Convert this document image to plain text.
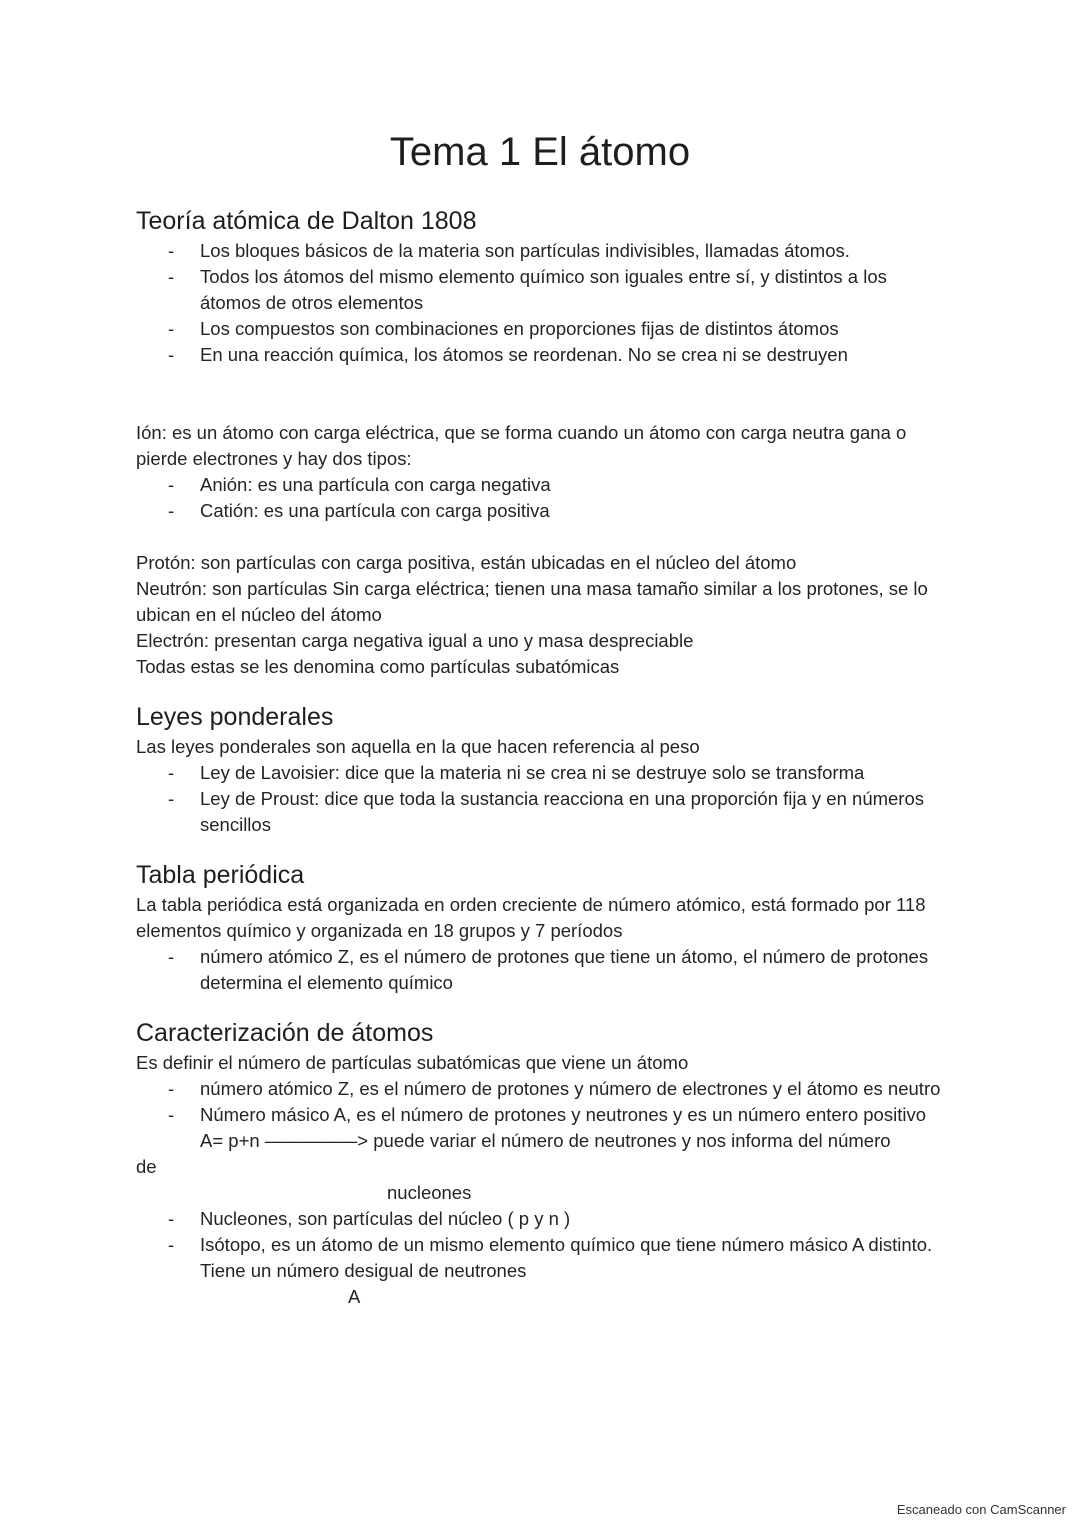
Tema 1 El átomo
Teoría atómica de Dalton 1808
- Los bloques básicos de la materia son partículas indivisibles, llamadas átomos.
- Todos los átomos del mismo elemento químico son iguales entre sí, y distintos a los átomos de otros elementos
- Los compuestos son combinaciones en proporciones fijas de distintos átomos
- En una reacción química, los átomos se reordenan. No se crea ni se destruyen

Ión: es un átomo con carga eléctrica, que se forma cuando un átomo con carga neutra gana o pierde electrones y hay dos tipos:

- Anión: es una partícula con carga negativa
- Catión: es una partícula con carga positiva

Protón: son partículas con carga positiva, están ubicadas en el núcleo del átomo

Neutrón: son partículas Sin carga eléctrica; tienen una masa tamaño similar a los protones, se lo ubican en el núcleo del átomo

Electrón: presentan carga negativa igual a uno y masa despreciable

Todas estas se les denomina como partículas subatómicas

Leyes ponderales

Las leyes ponderales son aquella en la que hacen referencia al peso

- Ley de Lavoisier: dice que la materia ni se crea ni se destruye solo se transforma
- Ley de Proust: dice que toda la sustancia reacciona en una proporción fija y en números sencillos
Tabla periódica

La tabla periódica está organizada en orden creciente de número atómico, está formado por 118 elementos químico y organizada en 18 grupos y 7 períodos

- número atómico Z, es el número de protones que tiene un átomo, el número de protones determina el elemento químico
Caracterización de átomos

Es definir el número de partículas subatómicas que viene un átomo

- número atómico Z, es el número de protones y número de electrones y el átomo es neutro
- Número másico A, es el número de protones y neutrones y es un número entero positivo

A= p+n —————> puede variar el número de neutrones y nos informa del número

de

nucleones

- Nucleones, son partículas del núcleo ( p y n )
- Isótopo, es un átomo de un mismo elemento químico que tiene número másico A distinto. Tiene un número desigual de neutrones

A

Escaneado con CamScanner
